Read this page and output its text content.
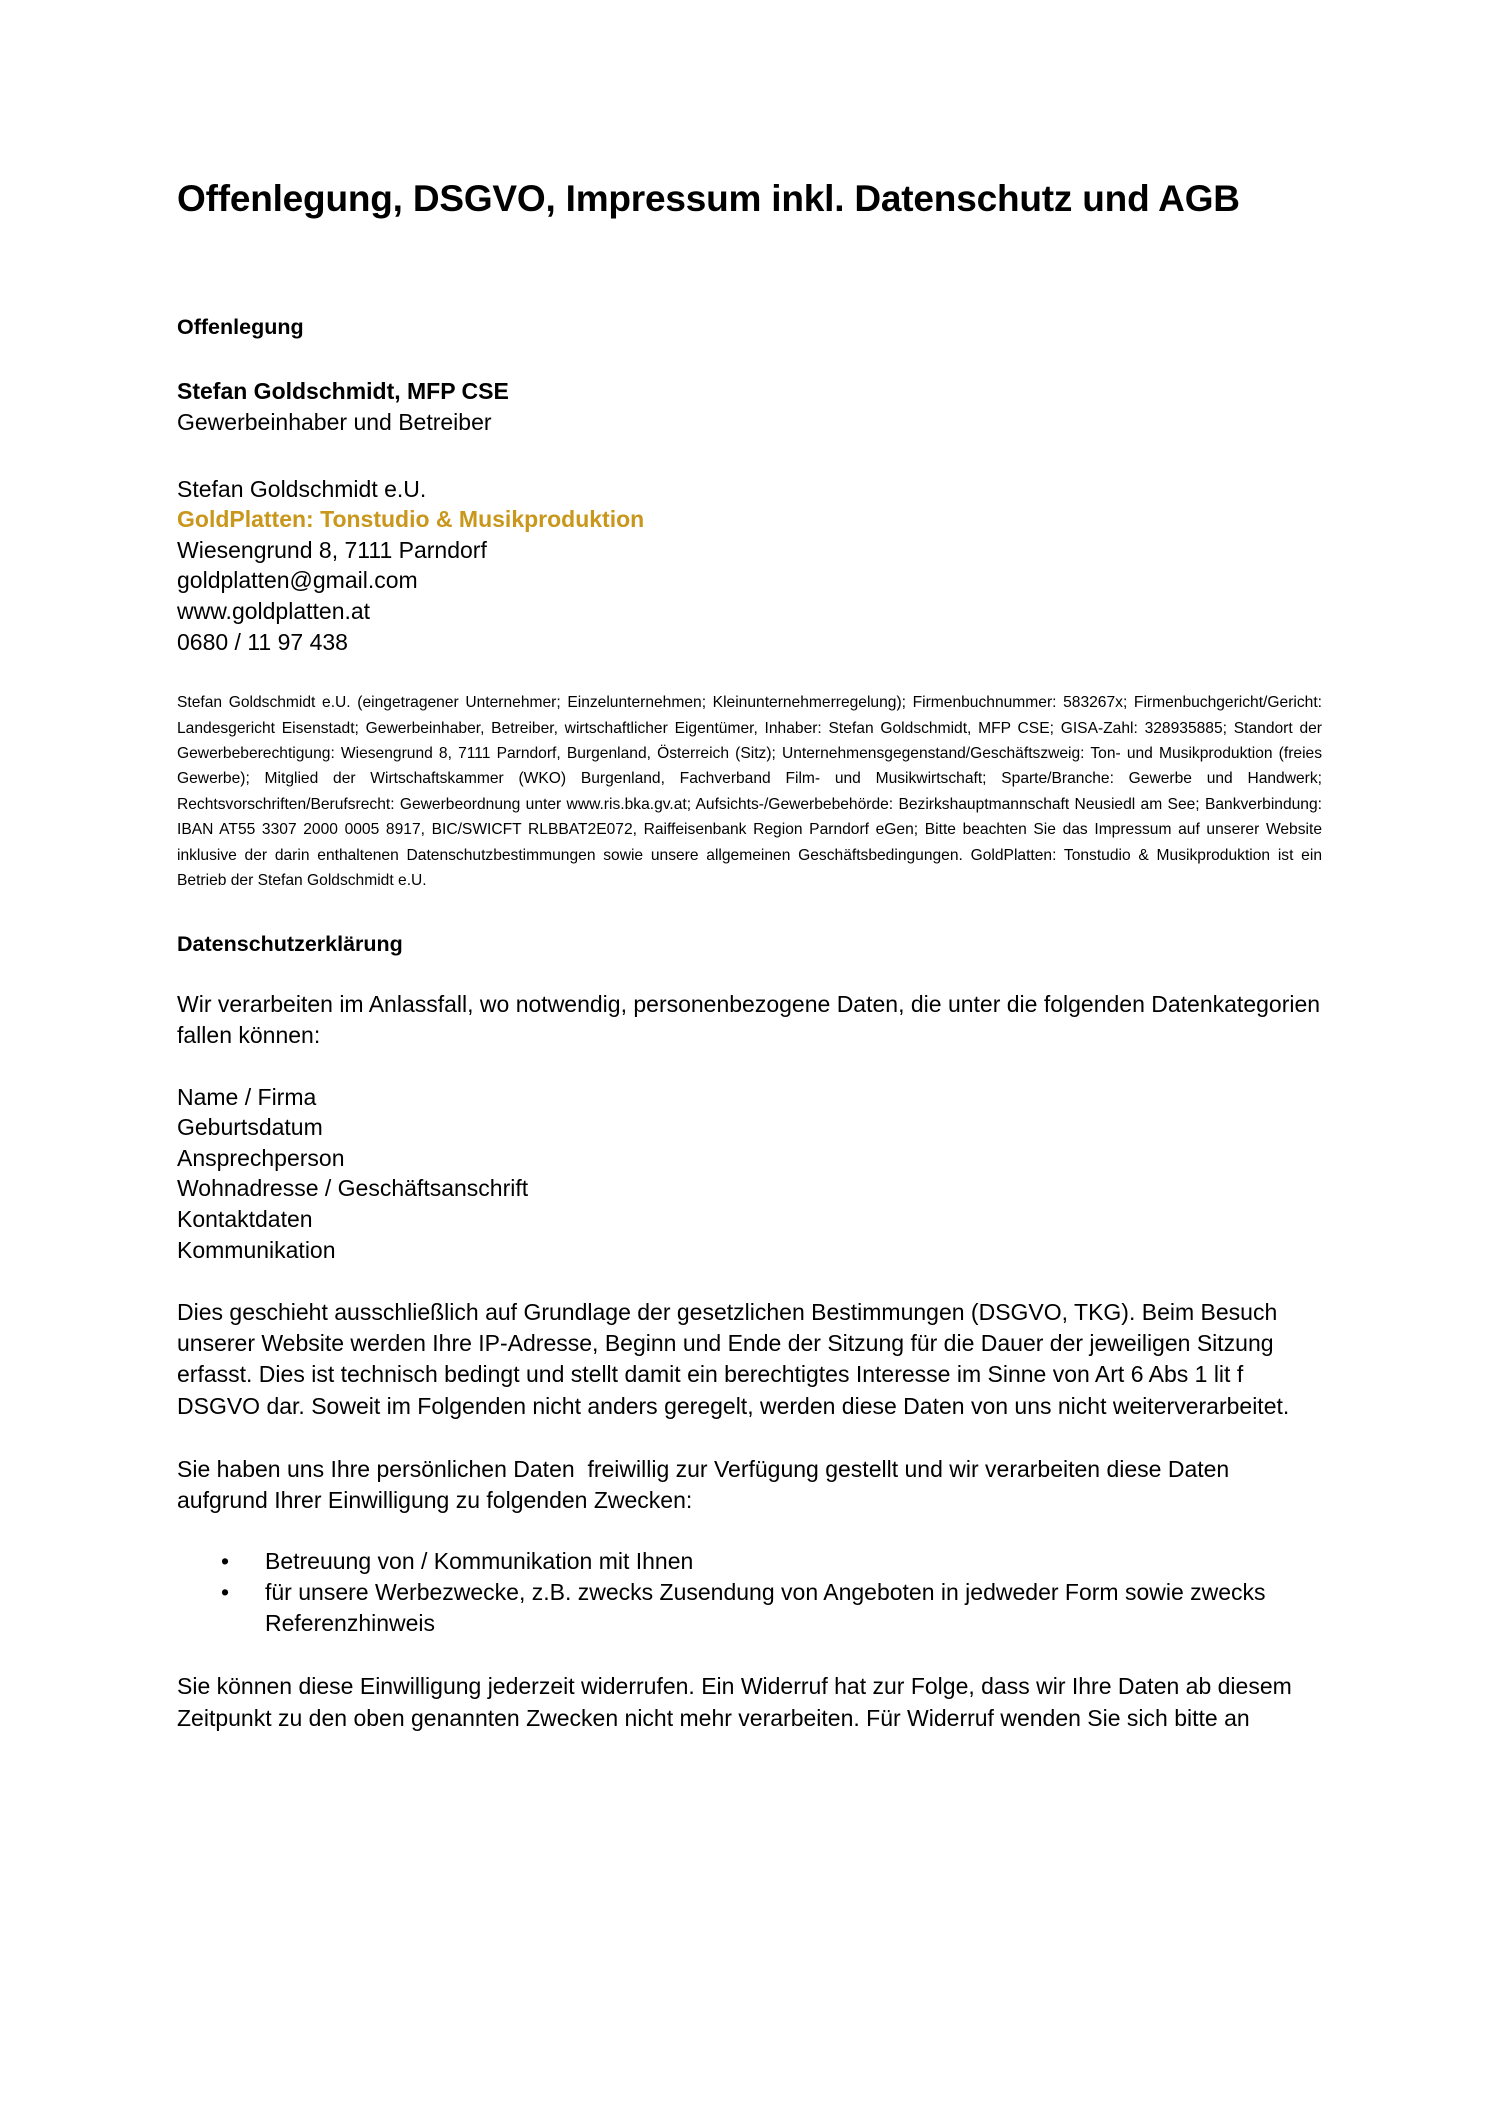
Offenlegung, DSGVO, Impressum inkl. Datenschutz und AGB
Offenlegung

Stefan Goldschmidt, MFP CSE

Gewerbeinhaber und Betreiber

Stefan Goldschmidt e.U.

GoldPlatten: Tonstudio & Musikproduktion

Wiesengrund 8, 7111 Parndorf

goldplatten@gmail.com

www.goldplatten.at

0680 / 11 97 438

Stefan Goldschmidt e.U. (eingetragener Unternehmer; Einzelunternehmen; Kleinunternehmerregelung); Firmenbuchnummer: 583267x; Firmenbuchgericht/Gericht: Landesgericht Eisenstadt; Gewerbeinhaber, Betreiber, wirtschaftlicher Eigentümer, Inhaber: Stefan Goldschmidt, MFP CSE; GISA-Zahl: 328935885; Standort der Gewerbeberechtigung: Wiesengrund 8, 7111 Parndorf, Burgenland, Österreich (Sitz); Unternehmensgegenstand/Geschäftszweig: Ton- und Musikproduktion (freies Gewerbe); Mitglied der Wirtschaftskammer (WKO) Burgenland, Fachverband Film- und Musikwirtschaft; Sparte/Branche: Gewerbe und Handwerk; Rechtsvorschriften/Berufsrecht: Gewerbeordnung unter www.ris.bka.gv.at; Aufsichts-/Gewerbebehörde: Bezirkshauptmannschaft Neusiedl am See; Bankverbindung: IBAN AT55 3307 2000 0005 8917, BIC/SWICFT RLBBAT2E072, Raiffeisenbank Region Parndorf eGen; Bitte beachten Sie das Impressum auf unserer Website inklusive der darin enthaltenen Datenschutzbestimmungen sowie unsere allgemeinen Geschäftsbedingungen. GoldPlatten: Tonstudio & Musikproduktion ist ein Betrieb der Stefan Goldschmidt e.U.

Datenschutzerklärung

Wir verarbeiten im Anlassfall, wo notwendig, personenbezogene Daten, die unter die folgenden Datenkategorien fallen können:

Name / Firma

Geburtsdatum

Ansprechperson

Wohnadresse / Geschäftsanschrift

Kontaktdaten

Kommunikation

Dies geschieht ausschließlich auf Grundlage der gesetzlichen Bestimmungen (DSGVO, TKG). Beim Besuch unserer Website werden Ihre IP-Adresse, Beginn und Ende der Sitzung für die Dauer der jeweiligen Sitzung erfasst. Dies ist technisch bedingt und stellt damit ein berechtigtes Interesse im Sinne von Art 6 Abs 1 lit f DSGVO dar. Soweit im Folgenden nicht anders geregelt, werden diese Daten von uns nicht weiterverarbeitet.

Sie haben uns Ihre persönlichen Daten  freiwillig zur Verfügung gestellt und wir verarbeiten diese Daten aufgrund Ihrer Einwilligung zu folgenden Zwecken:

• Betreuung von / Kommunikation mit Ihnen
• für unsere Werbezwecke, z.B. zwecks Zusendung von Angeboten in jedweder Form sowie zwecks Referenzhinweis

Sie können diese Einwilligung jederzeit widerrufen. Ein Widerruf hat zur Folge, dass wir Ihre Daten ab diesem Zeitpunkt zu den oben genannten Zwecken nicht mehr verarbeiten. Für Widerruf wenden Sie sich bitte an
